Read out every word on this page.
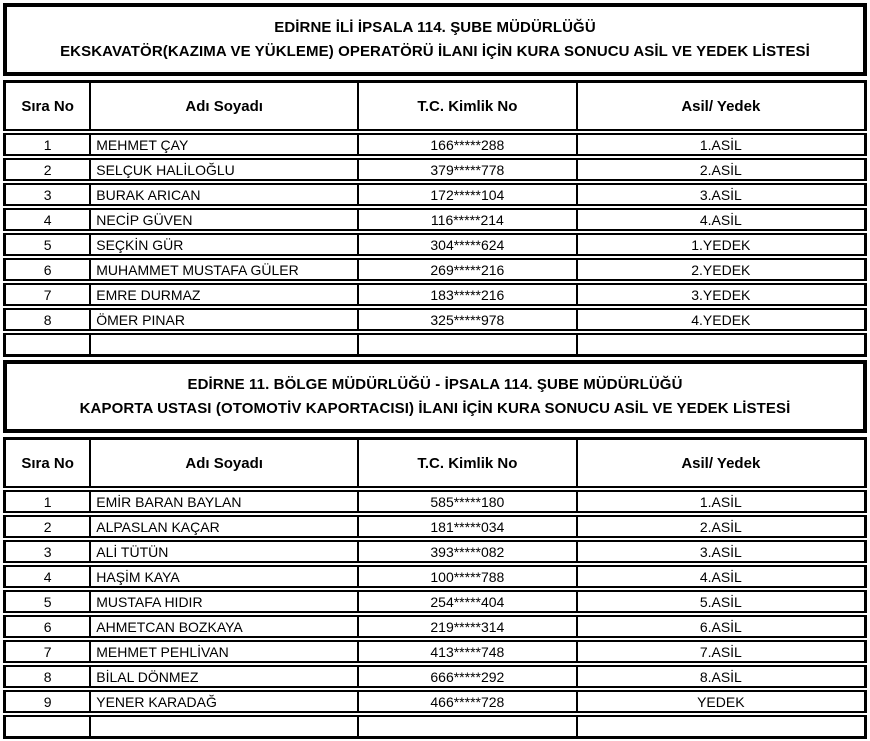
EDİRNE İLİ İPSALA 114. ŞUBE MÜDÜRLÜĞÜ
EKSKAVATÖR(KAZIMA VE YÜKLEME) OPERATÖRÜ İLANI İÇİN KURA SONUCU ASİL VE YEDEK LİSTESİ
Sıra No	Adı Soyadı	T.C. Kimlik No	Asil/ Yedek
1	MEHMET ÇAY	166*****288	1.ASİL
2	SELÇUK HALİLOĞLU	379*****778	2.ASİL
3	BURAK ARICAN	172*****104	3.ASİL
4	NECİP GÜVEN	116*****214	4.ASİL
5	SEÇKİN GÜR	304*****624	1.YEDEK
6	MUHAMMET MUSTAFA GÜLER	269*****216	2.YEDEK
7	EMRE DURMAZ	183*****216	3.YEDEK
8	ÖMER PINAR	325*****978	4.YEDEK

EDİRNE 11. BÖLGE MÜDÜRLÜĞÜ - İPSALA 114. ŞUBE MÜDÜRLÜĞÜ
KAPORTA USTASI (OTOMOTİV KAPORTACISI) İLANI İÇİN KURA SONUCU ASİL VE YEDEK LİSTESİ
Sıra No	Adı Soyadı	T.C. Kimlik No	Asil/ Yedek
1	EMİR BARAN BAYLAN	585*****180	1.ASİL
2	ALPASLAN KAÇAR	181*****034	2.ASİL
3	ALİ TÜTÜN	393*****082	3.ASİL
4	HAŞİM KAYA	100*****788	4.ASİL
5	MUSTAFA HIDIR	254*****404	5.ASİL
6	AHMETCAN BOZKAYA	219*****314	6.ASİL
7	MEHMET PEHLİVAN	413*****748	7.ASİL
8	BİLAL DÖNMEZ	666*****292	8.ASİL
9	YENER KARADAĞ	466*****728	YEDEK
